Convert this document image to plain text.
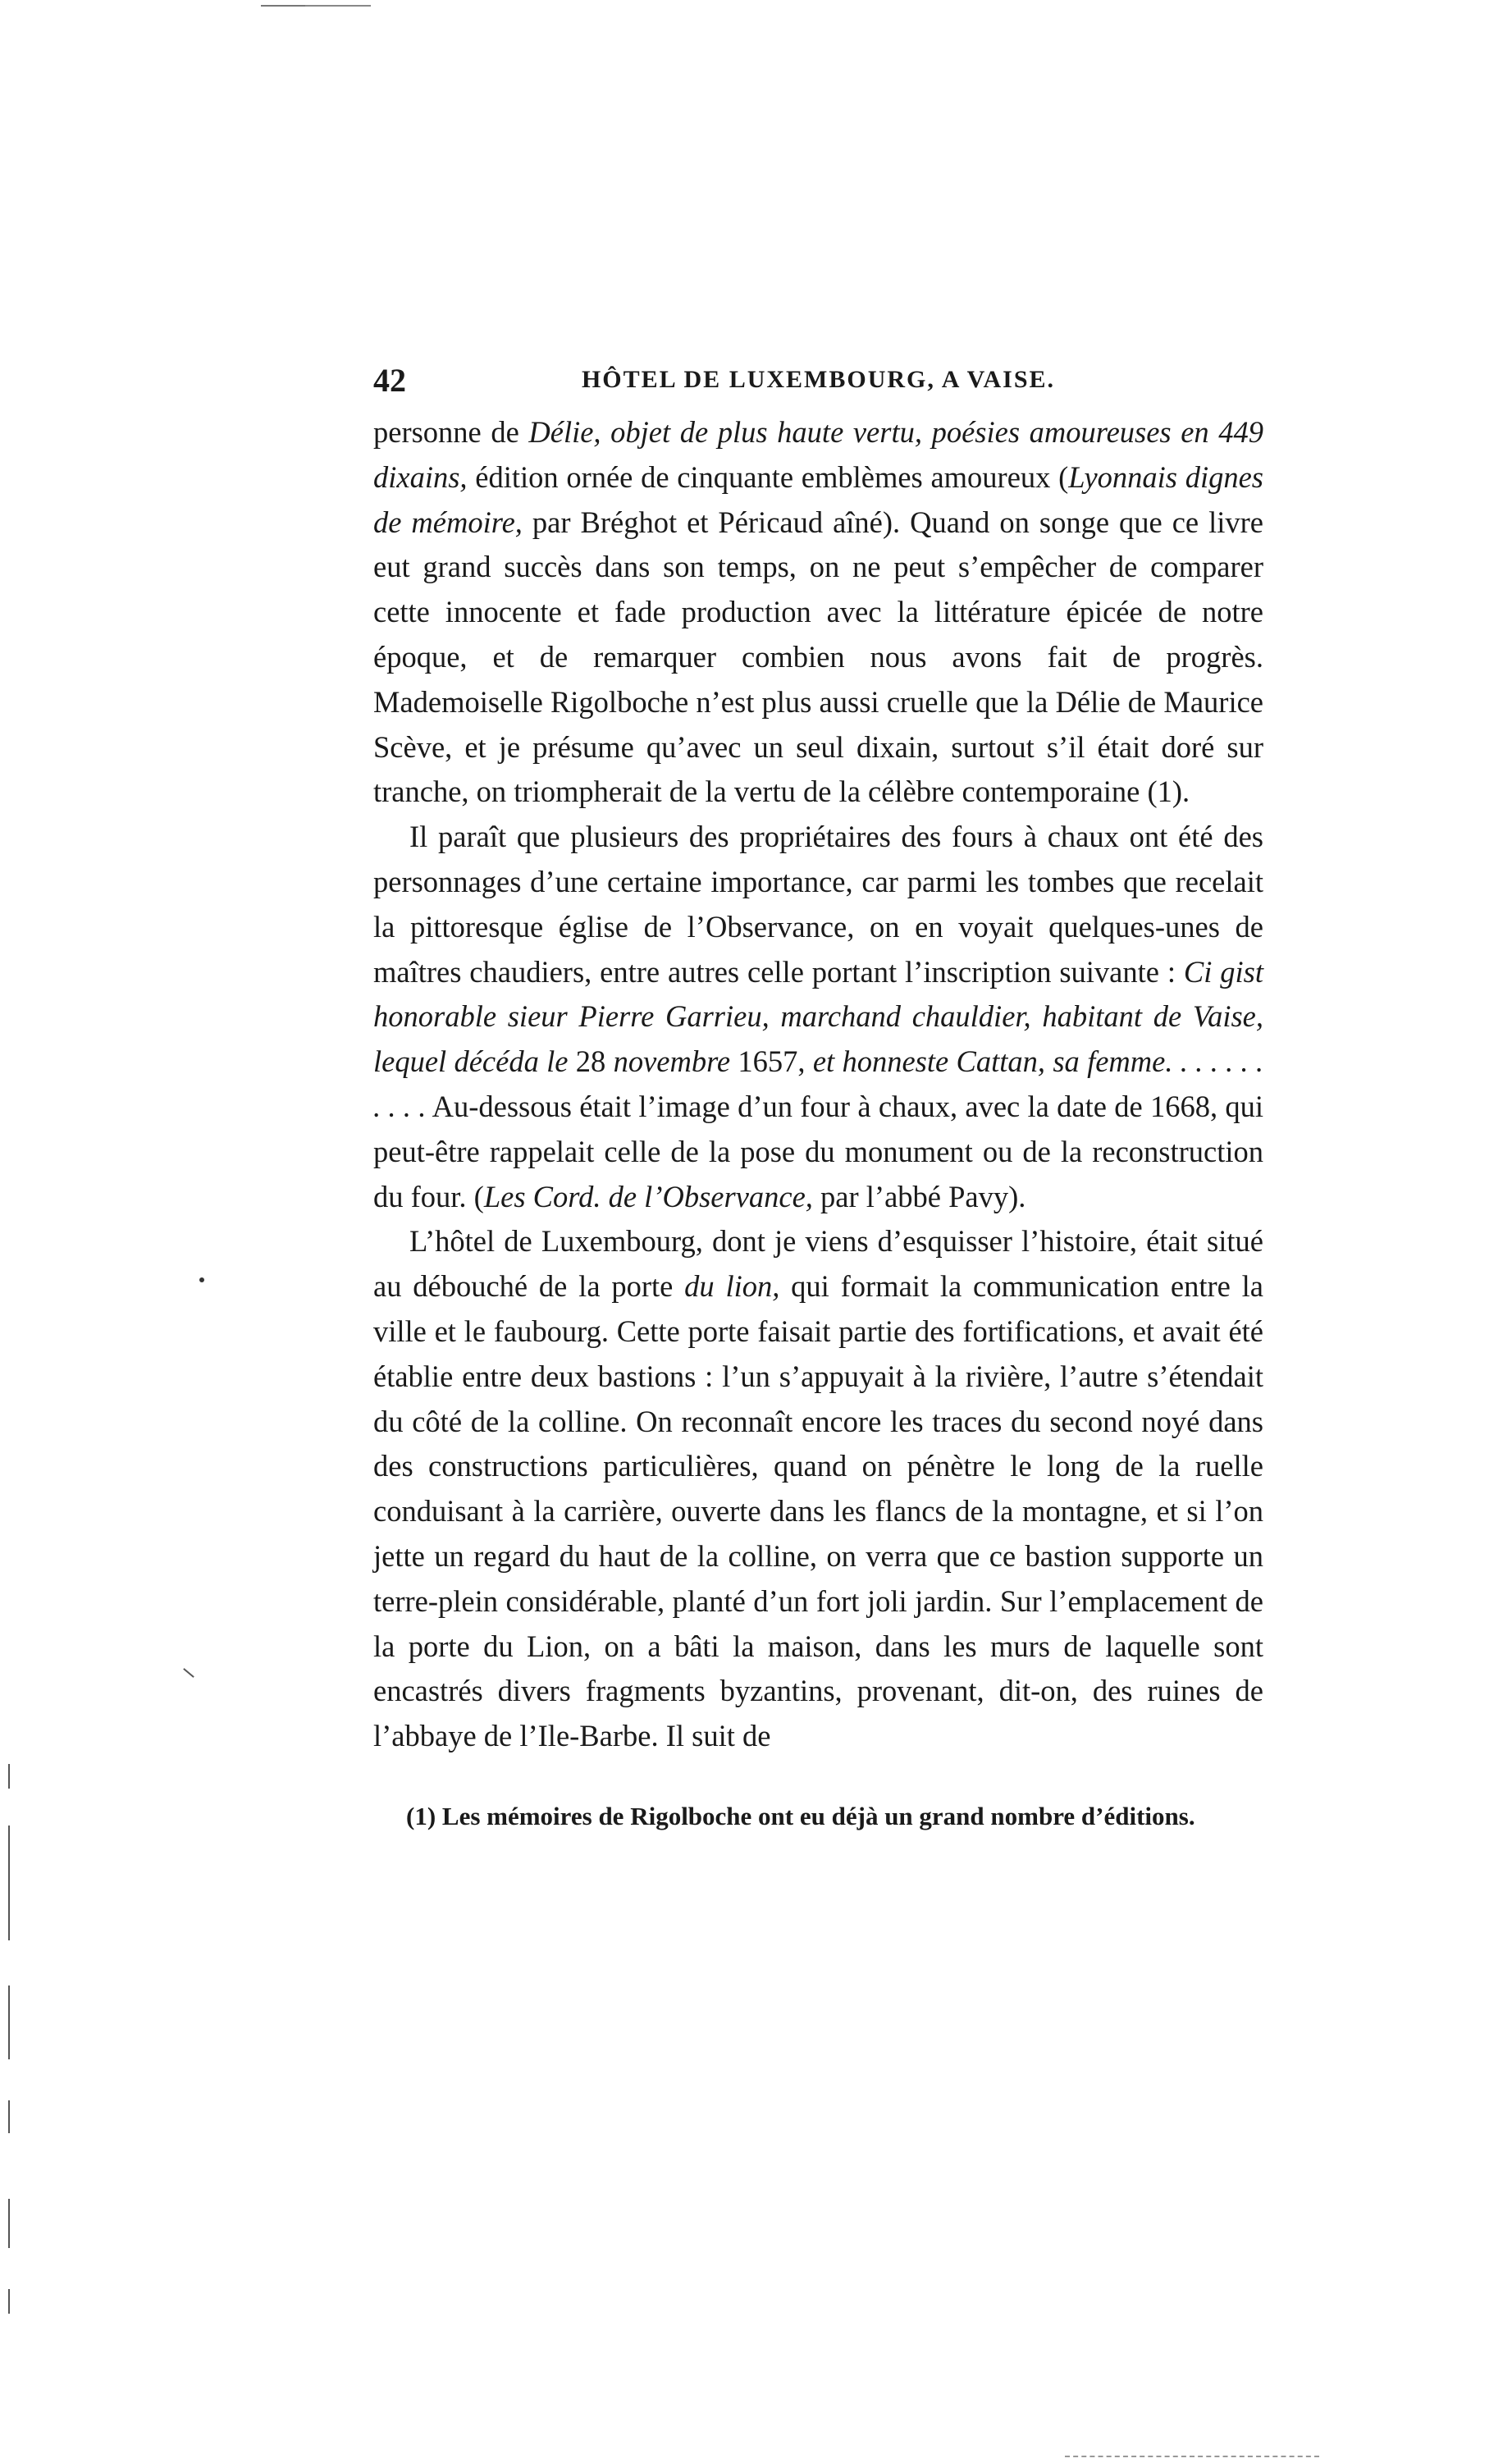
42	HÔTEL DE LUXEMBOURG, A VAISE.

personne de Délie, objet de plus haute vertu, poésies amoureuses en 449 dixains, édition ornée de cinquante emblèmes amoureux (Lyonnais dignes de mémoire, par Bréghot et Péricaud aîné). Quand on songe que ce livre eut grand succès dans son temps, on ne peut s’empêcher de comparer cette innocente et fade production avec la littérature épicée de notre époque, et de remarquer combien nous avons fait de progrès. Mademoiselle Rigolboche n’est plus aussi cruelle que la Délie de Maurice Scève, et je présume qu’avec un seul dixain, surtout s’il était doré sur tranche, on triompherait de la vertu de la célèbre contemporaine (1).

Il paraît que plusieurs des propriétaires des fours à chaux ont été des personnages d’une certaine importance, car parmi les tombes que recelait la pittoresque église de l’Observance, on en voyait quelques-unes de maîtres chaudiers, entre autres celle portant l’inscription suivante : Ci gist honorable sieur Pierre Garrieu, marchand chauldier, habitant de Vaise, lequel décéda le 28 novembre 1657, et honneste Cattan, sa femme. . . . . . . . . . . Au-dessous était l’image d’un four à chaux, avec la date de 1668, qui peut-être rappelait celle de la pose du monument ou de la reconstruction du four. (Les Cord. de l’Observance, par l’abbé Pavy).

L’hôtel de Luxembourg, dont je viens d’esquisser l’histoire, était situé au débouché de la porte du lion, qui formait la communication entre la ville et le faubourg. Cette porte faisait partie des fortifications, et avait été établie entre deux bastions : l’un s’appuyait à la rivière, l’autre s’étendait du côté de la colline. On reconnaît encore les traces du second noyé dans des constructions particulières, quand on pénètre le long de la ruelle conduisant à la carrière, ouverte dans les flancs de la montagne, et si l’on jette un regard du haut de la colline, on verra que ce bastion supporte un terre-plein considérable, planté d’un fort joli jardin. Sur l’emplacement de la porte du Lion, on a bâti la maison, dans les murs de laquelle sont encastrés divers fragments byzantins, provenant, dit-on, des ruines de l’abbaye de l’Ile-Barbe. Il suit de

(1) Les mémoires de Rigolboche ont eu déjà un grand nombre d’éditions.
